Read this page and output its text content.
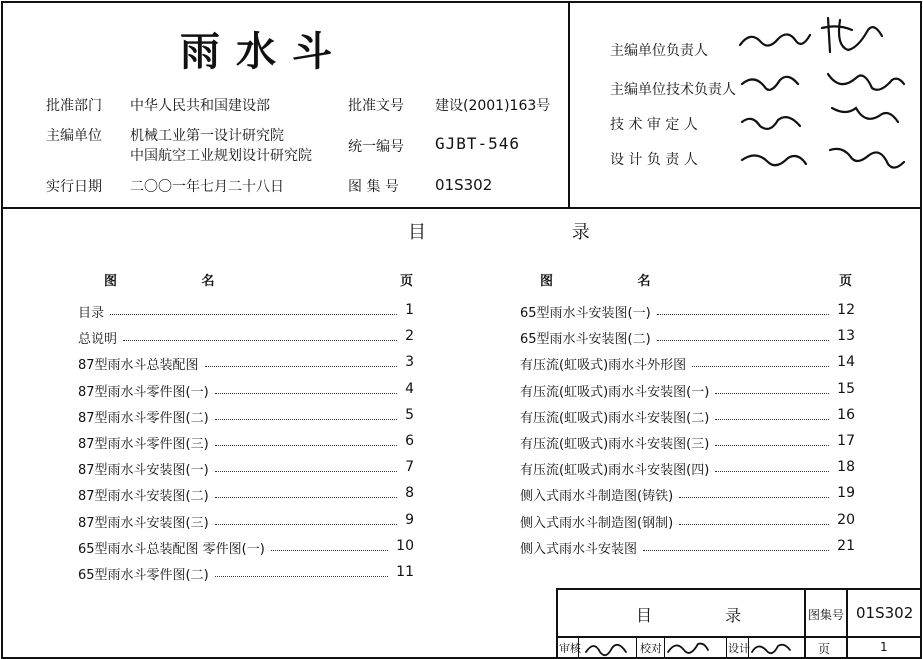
雨水斗
批准部门 中华人民共和国建设部	批准文号 建设(2001)163号
主编单位 机械工业第一设计研究院
中国航空工业规划设计研究院
统一编号 GJBT-546
实行日期 二〇〇一年七月二十八日	图 集 号 01S302
主编单位负责人
主编单位技术负责人
技 术 审 定 人
设 计 负 责 人
目 录
图 名	页	图 名	页
目录	1
总说明	2
87型雨水斗总装配图	3
87型雨水斗零件图(一)	4
87型雨水斗零件图(二)	5
87型雨水斗零件图(三)	6
87型雨水斗安装图(一)	7
87型雨水斗安装图(二)	8
87型雨水斗安装图(三)	9
65型雨水斗总装配图 零件图(一)	10
65型雨水斗零件图(二)	11
65型雨水斗安装图(一)	12
65型雨水斗安装图(二)	13
有压流(虹吸式)雨水斗外形图	14
有压流(虹吸式)雨水斗安装图(一)	15
有压流(虹吸式)雨水斗安装图(二)	16
有压流(虹吸式)雨水斗安装图(三)	17
有压流(虹吸式)雨水斗安装图(四)	18
侧入式雨水斗制造图(铸铁)	19
侧入式雨水斗制造图(钢制)	20
侧入式雨水斗安装图	21
目 录	图集号 01S302
审核	校对	设计	页	1
